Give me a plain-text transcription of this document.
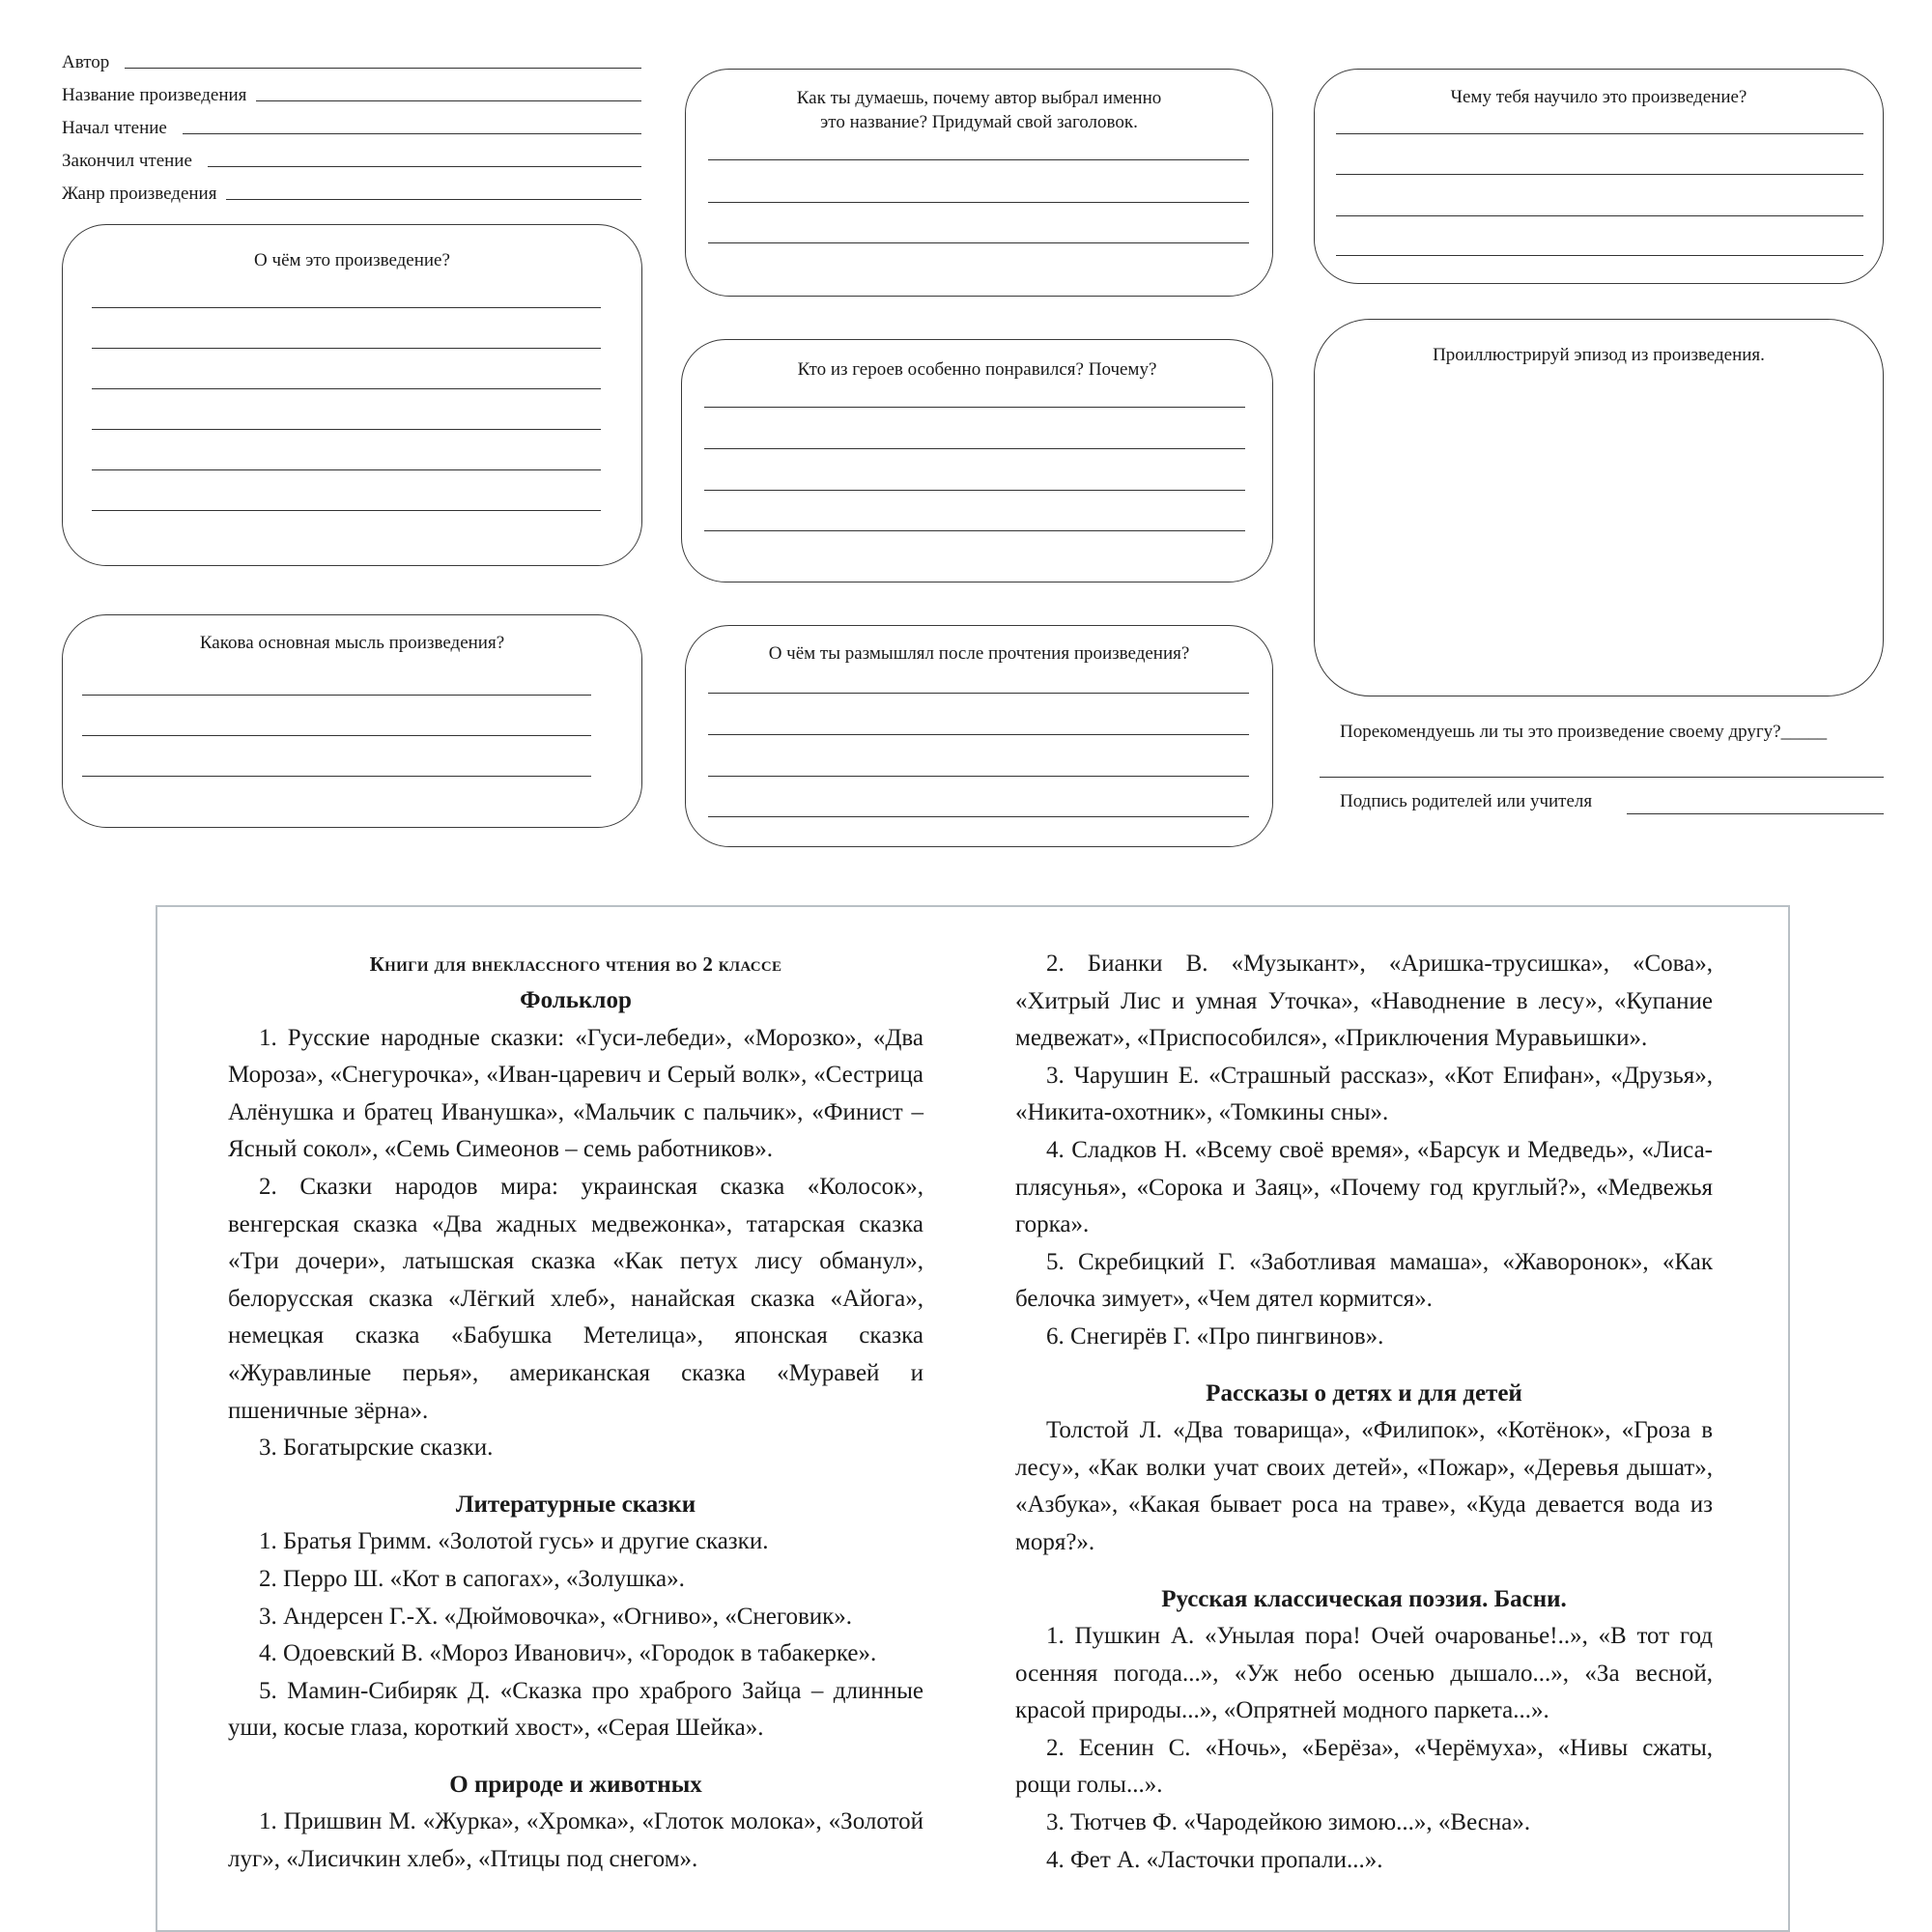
Автор
Название произведения
Начал чтение
Закончил чтение
Жанр произведения
О чём это произведение?
Какова основная мысль произведения?
Как ты думаешь, почему автор выбрал именно
это название? Придумай свой заголовок.
Кто из героев особенно понравился? Почему?
О чём ты размышлял после прочтения произведения?
Чему тебя научило это произведение?
Проиллюстрируй эпизод из произведения.
Порекомендуешь ли ты это произведение своему другу?_____
Подпись родителей или учителя
Книги для внеклассного чтения во 2 классе
Фольклор

1. Русские народные сказки: «Гуси-лебеди», «Морозко», «Два Мороза», «Снегурочка», «Иван-царевич и Серый волк», «Сестрица Алёнушка и братец Иванушка», «Мальчик с пальчик», «Финист – Ясный сокол», «Семь Симеонов – семь работников».

2. Сказки народов мира: украинская сказка «Колосок», венгерская сказка «Два жадных медвежонка», татарская сказка «Три дочери», латышская сказка «Как петух лису обманул», белорусская сказка «Лёгкий хлеб», нанайская сказка «Айога», немецкая сказка «Бабушка Метелица», японская сказка «Журавлиные перья», американская сказка «Муравей и пшеничные зёрна».

3. Богатырские сказки.

Литературные сказки

1. Братья Гримм. «Золотой гусь» и другие сказки.

2. Перро Ш. «Кот в сапогах», «Золушка».

3. Андерсен Г.-Х. «Дюймовочка», «Огниво», «Снеговик».

4. Одоевский В. «Мороз Иванович», «Городок в табакерке».

5. Мамин-Сибиряк Д. «Сказка про храброго Зайца – длинные уши, косые глаза, короткий хвост», «Серая Шейка».

О природе и животных

1. Пришвин М. «Журка», «Хромка», «Глоток молока», «Золотой луг», «Лисичкин хлеб», «Птицы под снегом».

2. Бианки В. «Музыкант», «Аришка-трусишка», «Сова», «Хитрый Лис и умная Уточка», «Наводнение в лесу», «Купание медвежат», «Приспособился», «Приключения Муравьишки».

3. Чарушин Е. «Страшный рассказ», «Кот Епифан», «Друзья», «Никита-охотник», «Томкины сны».

4. Сладков Н. «Всему своё время», «Барсук и Медведь», «Лиса-плясунья», «Сорока и Заяц», «Почему год круглый?», «Медвежья горка».

5. Скребицкий Г. «Заботливая мамаша», «Жаворонок», «Как белочка зимует», «Чем дятел кормится».

6. Снегирёв Г. «Про пингвинов».

Рассказы о детях и для детей

Толстой Л. «Два товарища», «Филипок», «Котёнок», «Гроза в лесу», «Как волки учат своих детей», «Пожар», «Деревья дышат», «Азбука», «Какая бывает роса на траве», «Куда девается вода из моря?».

Русская классическая поэзия. Басни.

1. Пушкин А. «Унылая пора! Очей очарованье!..», «В тот год осенняя погода...», «Уж небо осенью дышало...», «За весной, красой природы...», «Опрятней модного паркета...».

2. Есенин С. «Ночь», «Берёза», «Черёмуха», «Нивы сжаты, рощи голы...».

3. Тютчев Ф. «Чародейкою зимою...», «Весна».

4. Фет А. «Ласточки пропали...».
